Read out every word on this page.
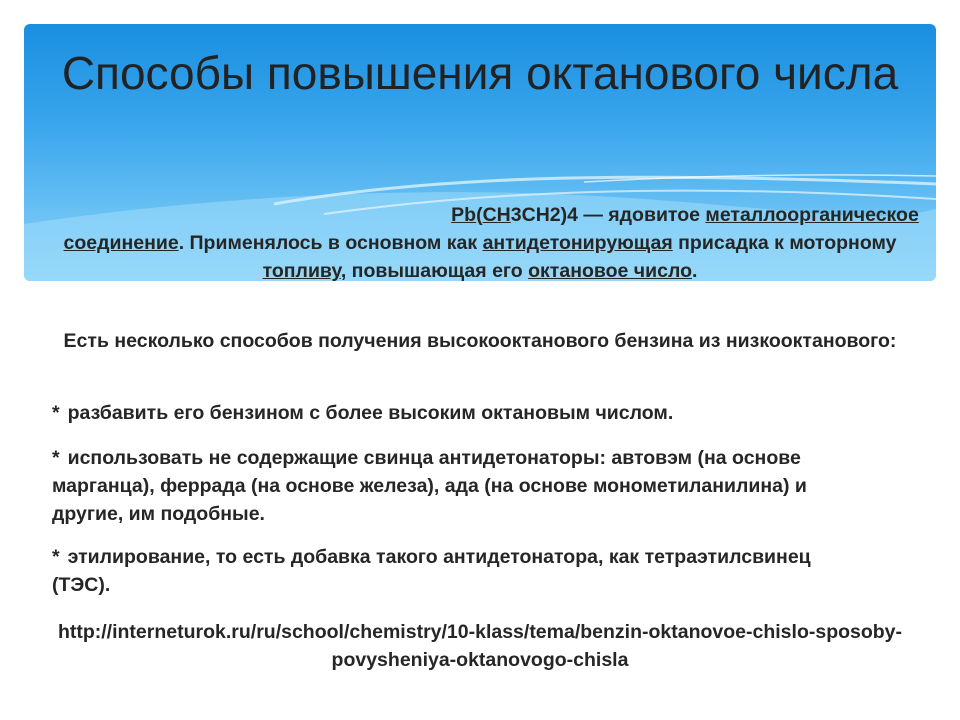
Способы повышения октанового числа

Pb(CH3CH2)4 — ядовитое металлоорганическое соединение. Применялось в основном как антидетонирующая присадка к моторному топливу, повышающая его октановое число.

Есть несколько способов получения высокооктанового бензина из низкооктанового:

* разбавить его бензином с более высоким октановым числом.

* использовать не содержащие свинца антидетонаторы: автовэм (на основе марганца), феррада (на основе железа), ада (на основе монометиланилина) и другие, им подобные.

* этилирование, то есть добавка такого антидетонатора, как тетраэтилсвинец (ТЭС).

http://interneturok.ru/ru/school/chemistry/10-klass/tema/benzin-oktanovoe-chislo-sposoby-povysheniya-oktanovogo-chisla
